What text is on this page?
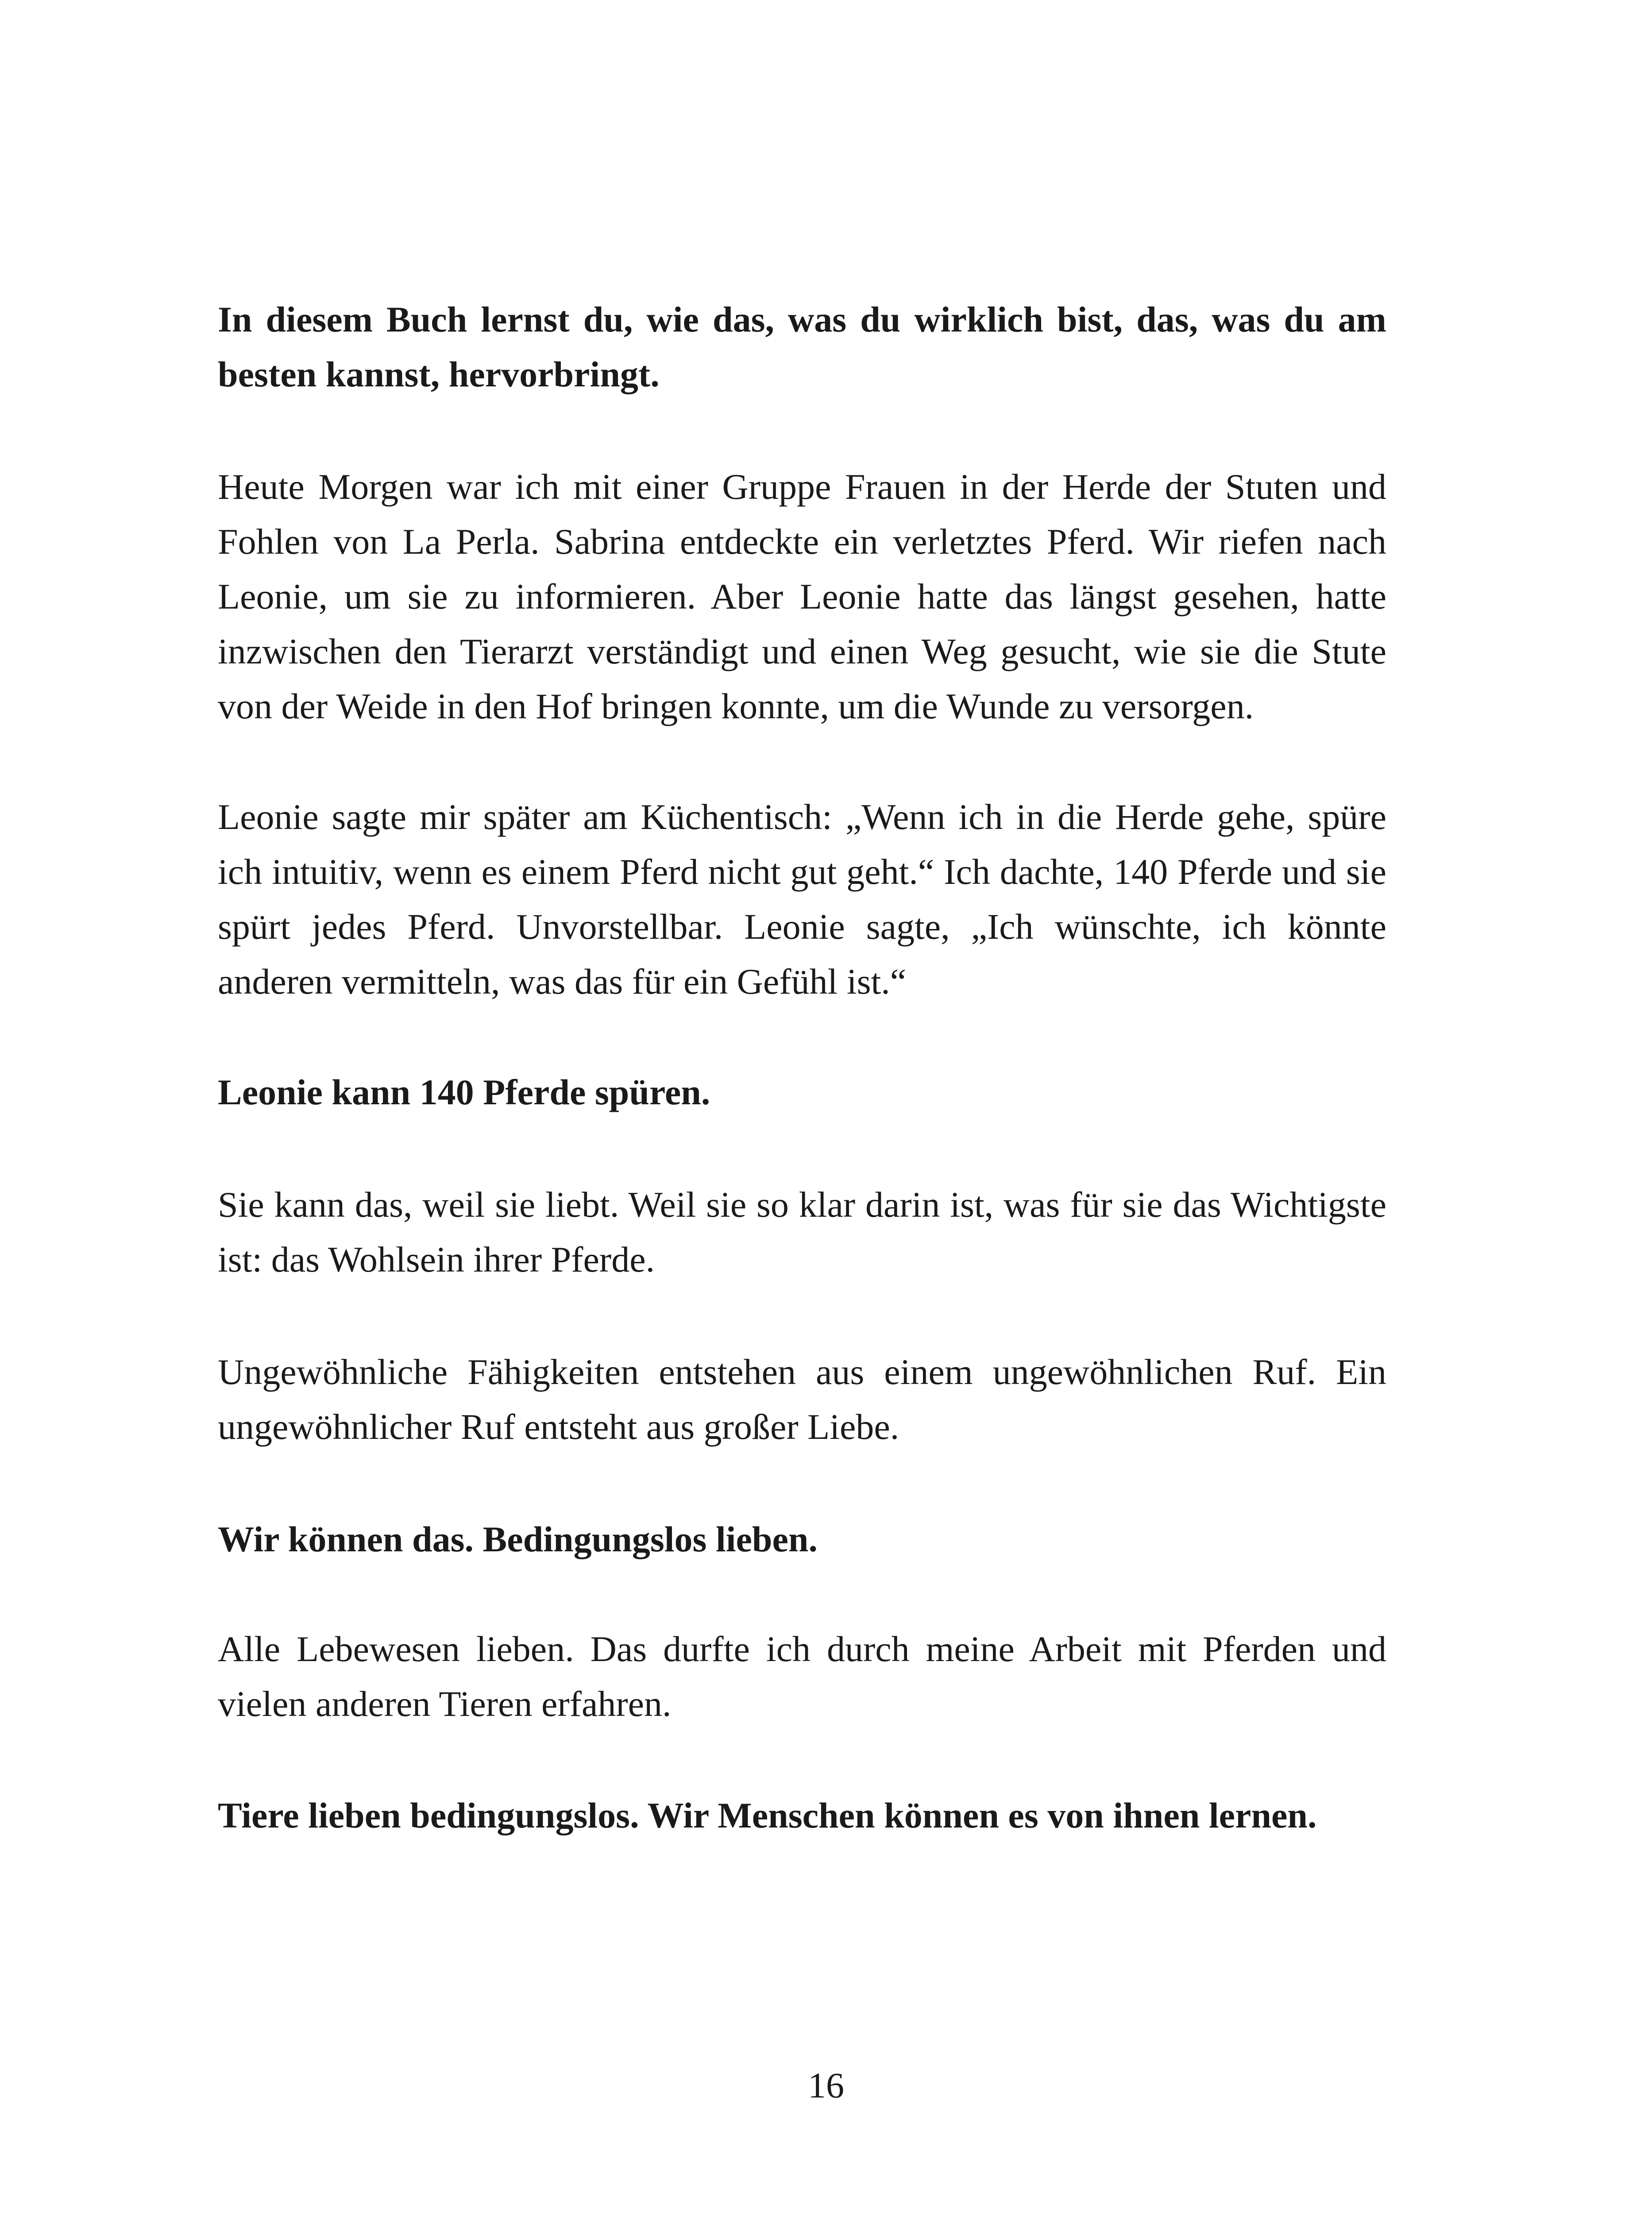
In diesem Buch lernst du, wie das, was du wirklich bist, das, was du am besten kannst, hervorbringt.

Heute Morgen war ich mit einer Gruppe Frauen in der Herde der Stuten und Fohlen von La Perla. Sabrina entdeckte ein verletztes Pferd. Wir riefen nach Leonie, um sie zu informieren. Aber Leonie hatte das längst gesehen, hatte inzwischen den Tierarzt verständigt und einen Weg gesucht, wie sie die Stute von der Weide in den Hof bringen konnte, um die Wunde zu versorgen.

Leonie sagte mir später am Küchentisch: „Wenn ich in die Herde gehe, spüre ich intuitiv, wenn es einem Pferd nicht gut geht.“ Ich dachte, 140 Pferde und sie spürt jedes Pferd. Unvorstellbar. Leonie sagte, „Ich wünschte, ich könnte anderen vermitteln, was das für ein Gefühl ist.“

Leonie kann 140 Pferde spüren.

Sie kann das, weil sie liebt. Weil sie so klar darin ist, was für sie das Wichtigste ist: das Wohlsein ihrer Pferde.

Ungewöhnliche Fähigkeiten entstehen aus einem ungewöhnlichen Ruf. Ein ungewöhnlicher Ruf entsteht aus großer Liebe.

Wir können das. Bedingungslos lieben.

Alle Lebewesen lieben. Das durfte ich durch meine Arbeit mit Pferden und vielen anderen Tieren erfahren.

Tiere lieben bedingungslos. Wir Menschen können es von ihnen lernen.

16
